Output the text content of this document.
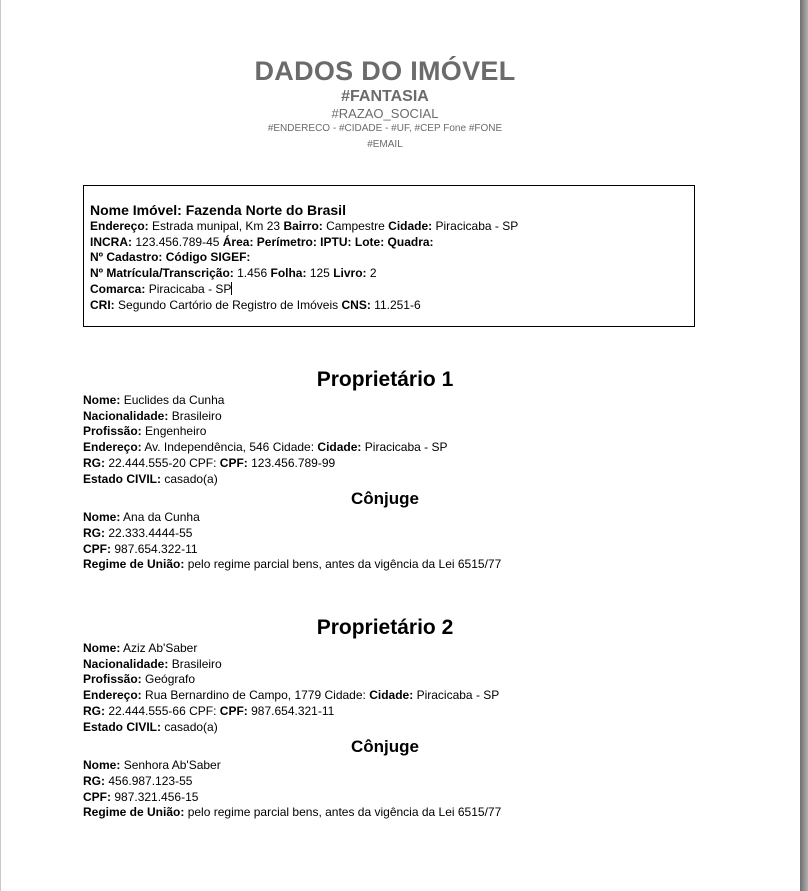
DADOS DO IMÓVEL
#FANTASIA
#RAZAO_SOCIAL
#ENDERECO - #CIDADE - #UF, #CEP Fone #FONE
#EMAIL
Nome Imóvel: Fazenda Norte do Brasil
Endereço: Estrada munipal, Km 23 Bairro: Campestre Cidade: Piracicaba - SP
INCRA: 123.456.789-45 Área: Perímetro: IPTU: Lote: Quadra:
Nº Cadastro: Código SIGEF:
Nº Matrícula/Transcrição: 1.456 Folha: 125 Livro: 2
Comarca: Piracicaba - SP
CRI: Segundo Cartório de Registro de Imóveis CNS: 11.251-6
Proprietário 1
Nome: Euclides da Cunha
Nacionalidade: Brasileiro
Profissão: Engenheiro
Endereço: Av. Independência, 546 Cidade: Cidade: Piracicaba - SP
RG: 22.444.555-20 CPF: CPF: 123.456.789-99
Estado CIVIL: casado(a)
Cônjuge
Nome: Ana da Cunha
RG: 22.333.4444-55
CPF: 987.654.322-11
Regime de União: pelo regime parcial bens, antes da vigência da Lei 6515/77
Proprietário 2
Nome: Aziz Ab'Saber
Nacionalidade: Brasileiro
Profissão: Geógrafo
Endereço: Rua Bernardino de Campo, 1779 Cidade: Cidade: Piracicaba - SP
RG: 22.444.555-66 CPF: CPF: 987.654.321-11
Estado CIVIL: casado(a)
Cônjuge
Nome: Senhora Ab'Saber
RG: 456.987.123-55
CPF: 987.321.456-15
Regime de União: pelo regime parcial bens, antes da vigência da Lei 6515/77
